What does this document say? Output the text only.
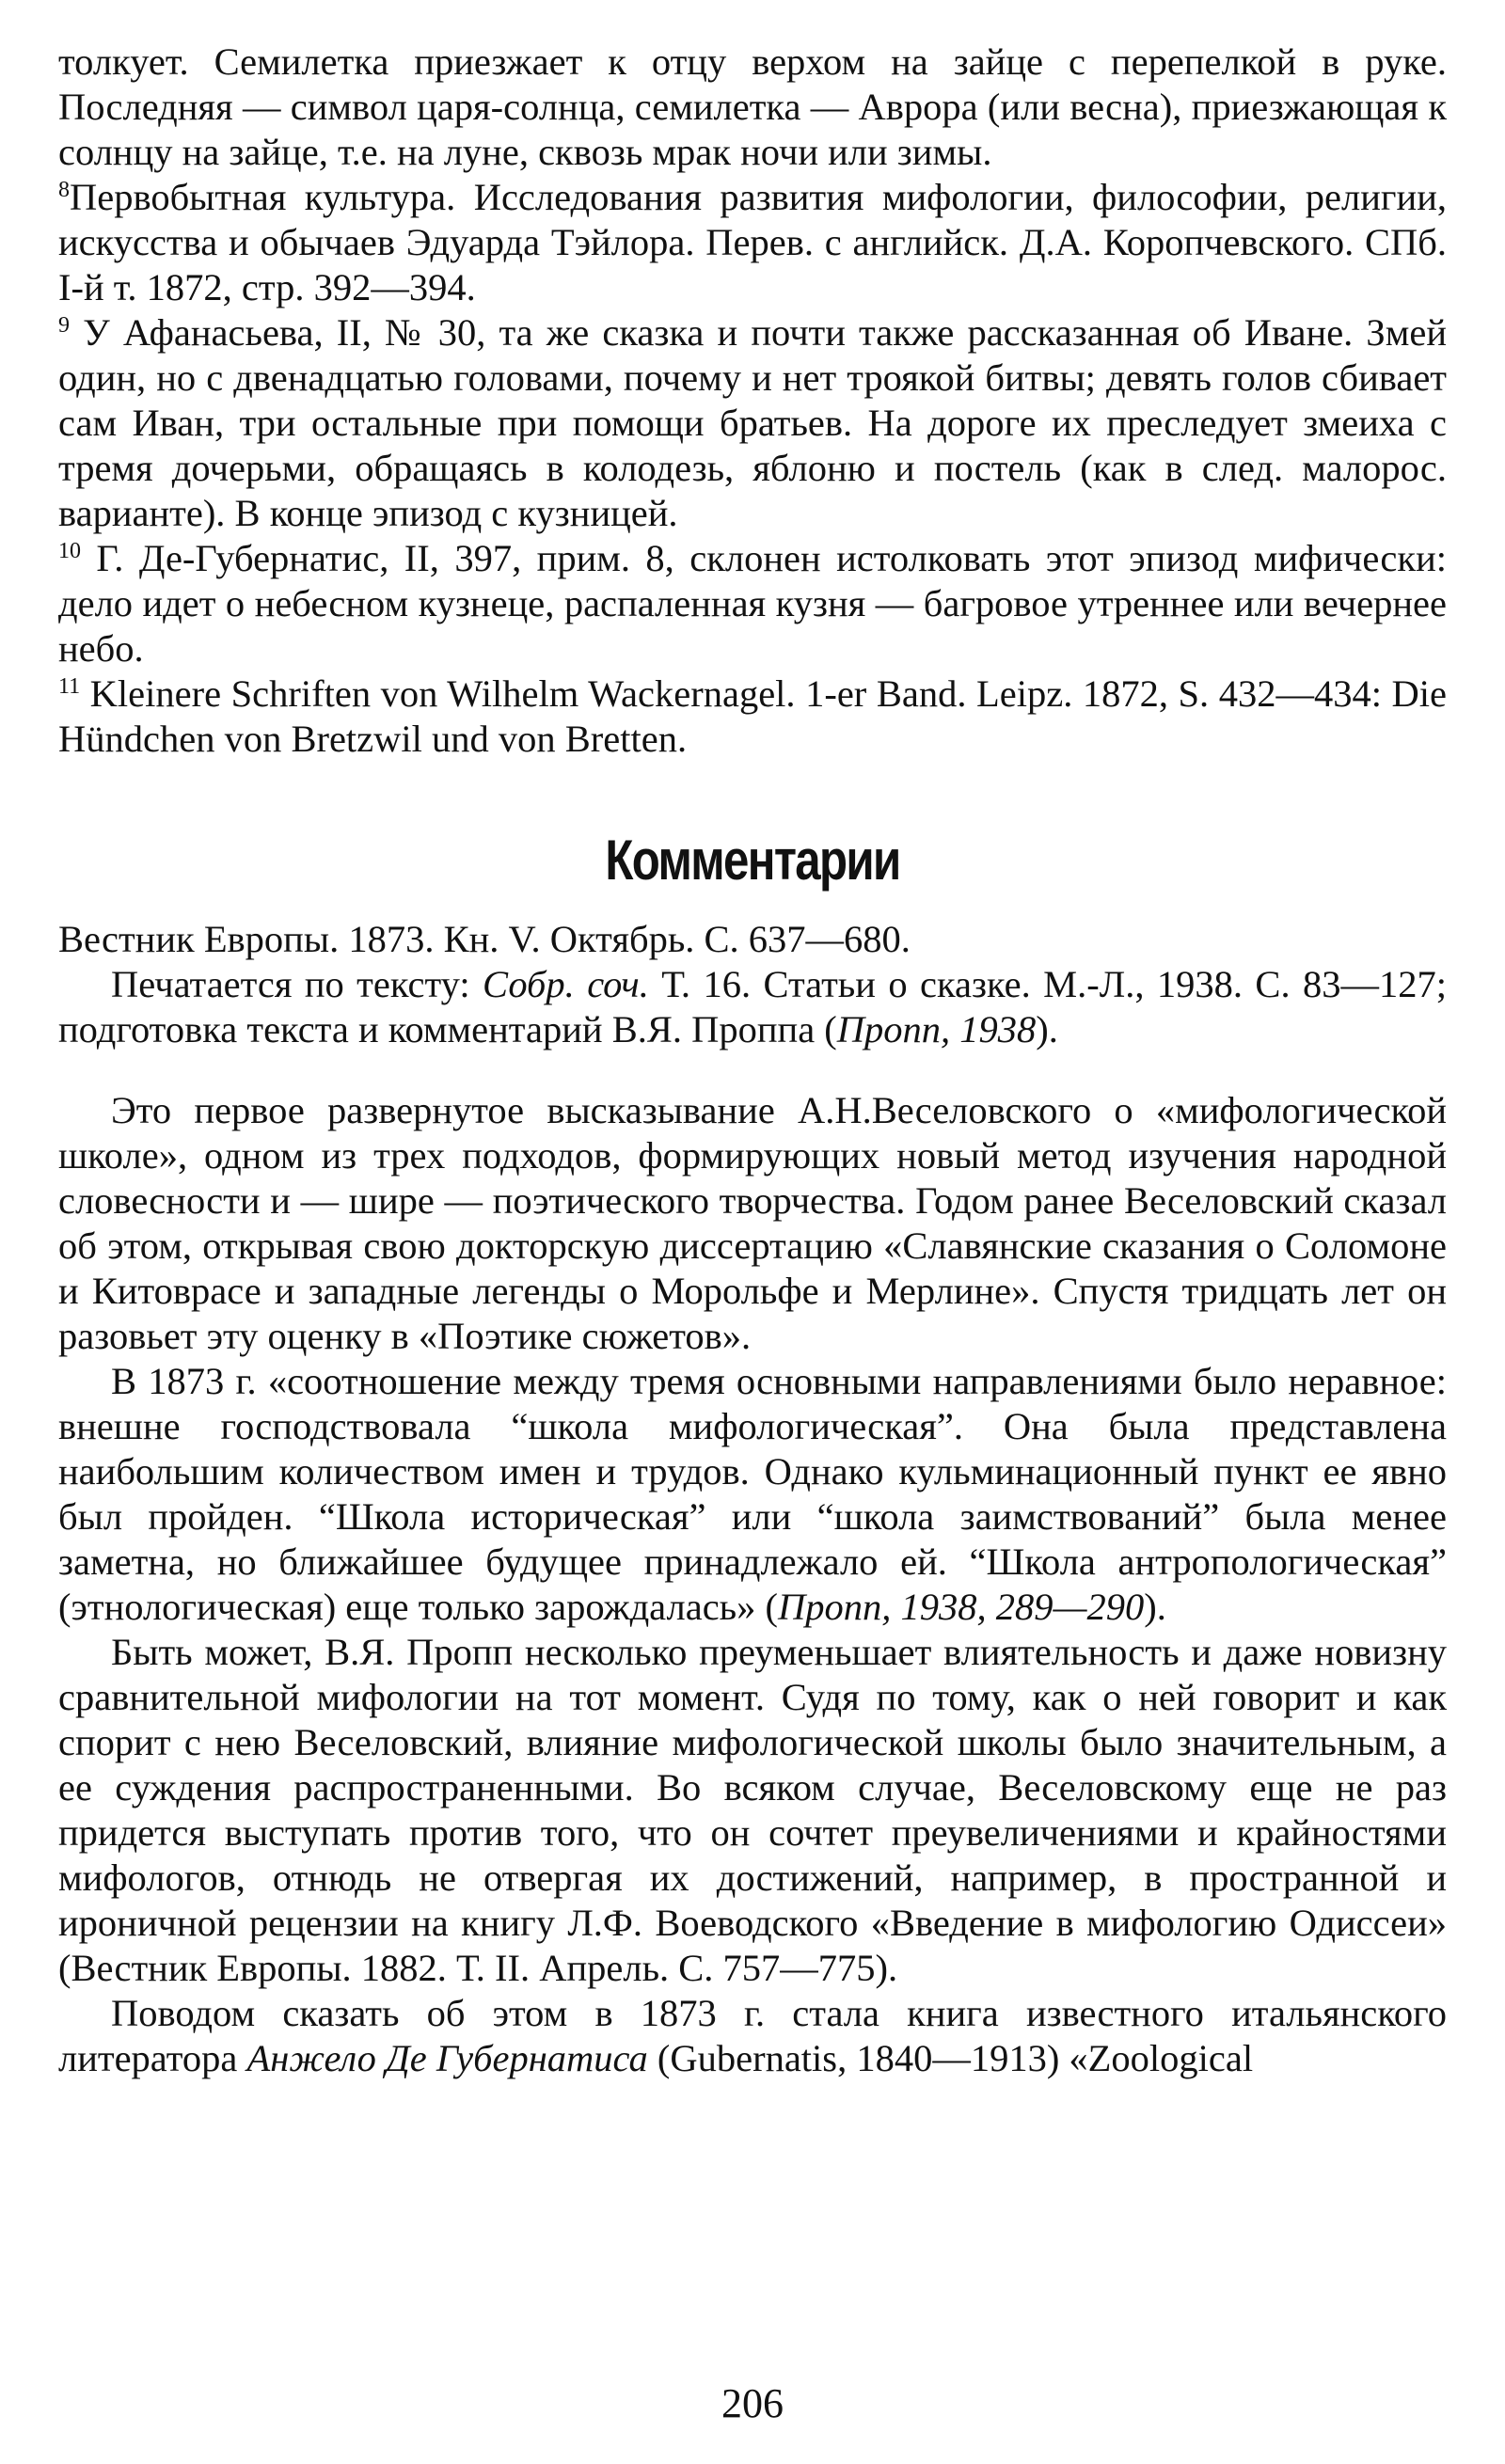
толкует. Семилетка приезжает к отцу верхом на зайце с перепелкой в руке. Последняя — символ царя-солнца, семилетка — Аврора (или весна), приезжающая к солнцу на зайце, т.е. на луне, сквозь мрак ночи или зимы.

$^8$Первобытная культура. Исследования развития мифологии, философии, религии, искусства и обычаев Эдуарда Тэйлора. Перев. с английск. Д.А. Коропчевского. СПб. I-й т. 1872, стр. 392—394.

$^9$ У Афанасьева, II, № 30, та же сказка и почти также рассказанная об Иване. Змей один, но с двенадцатью головами, почему и нет троякой битвы; девять голов сбивает сам Иван, три остальные при помощи братьев. На дороге их преследует змеиха с тремя дочерьми, обращаясь в колодезь, яблоню и постель (как в след. малорос. варианте). В конце эпизод с кузницей.

$^{10}$ Г. Де-Губернатис, II, 397, прим. 8, склонен истолковать этот эпизод мифически: дело идет о небесном кузнеце, распаленная кузня — багровое утреннее или вечернее небо.

$^{11}$ Kleinere Schriften von Wilhelm Wackernagel. 1-er Band. Leipz. 1872, S. 432—434: Die Hündchen von Bretzwil und von Bretten.

Комментарии

Вестник Европы. 1873. Кн. V. Октябрь. С. 637—680.

Печатается по тексту: Собр. соч. Т. 16. Статьи о сказке. М.-Л., 1938. С. 83—127; подготовка текста и комментарий В.Я. Проппа (Пропп, 1938).

Это первое развернутое высказывание А.Н.Веселовского о «мифологической школе», одном из трех подходов, формирующих новый метод изучения народной словесности и — шире — поэтического творчества. Годом ранее Веселовский сказал об этом, открывая свою докторскую диссертацию «Славянские сказания о Соломоне и Китоврасе и западные легенды о Морольфе и Мерлине». Спустя тридцать лет он разовьет эту оценку в «Поэтике сюжетов».

В 1873 г. «соотношение между тремя основными направлениями было неравное: внешне господствовала “школа мифологическая”. Она была представлена наибольшим количеством имен и трудов. Однако кульминационный пункт ее явно был пройден. “Школа историческая” или “школа заимствований” была менее заметна, но ближайшее будущее принадлежало ей. “Школа антропологическая” (этнологическая) еще только зарождалась» (Пропп, 1938, 289—290).

Быть может, В.Я. Пропп несколько преуменьшает влиятельность и даже новизну сравнительной мифологии на тот момент. Судя по тому, как о ней говорит и как спорит с нею Веселовский, влияние мифологической школы было значительным, а ее суждения распространенными. Во всяком случае, Веселовскому еще не раз придется выступать против того, что он сочтет преувеличениями и крайностями мифологов, отнюдь не отвергая их достижений, например, в пространной и ироничной рецензии на книгу Л.Ф. Воеводского «Введение в мифологию Одиссеи» (Вестник Европы. 1882. Т. II. Апрель. С. 757—775).

Поводом сказать об этом в 1873 г. стала книга известного итальянского литератора Анжело Де Губернатиса (Gubernatis, 1840—1913) «Zoological

206
